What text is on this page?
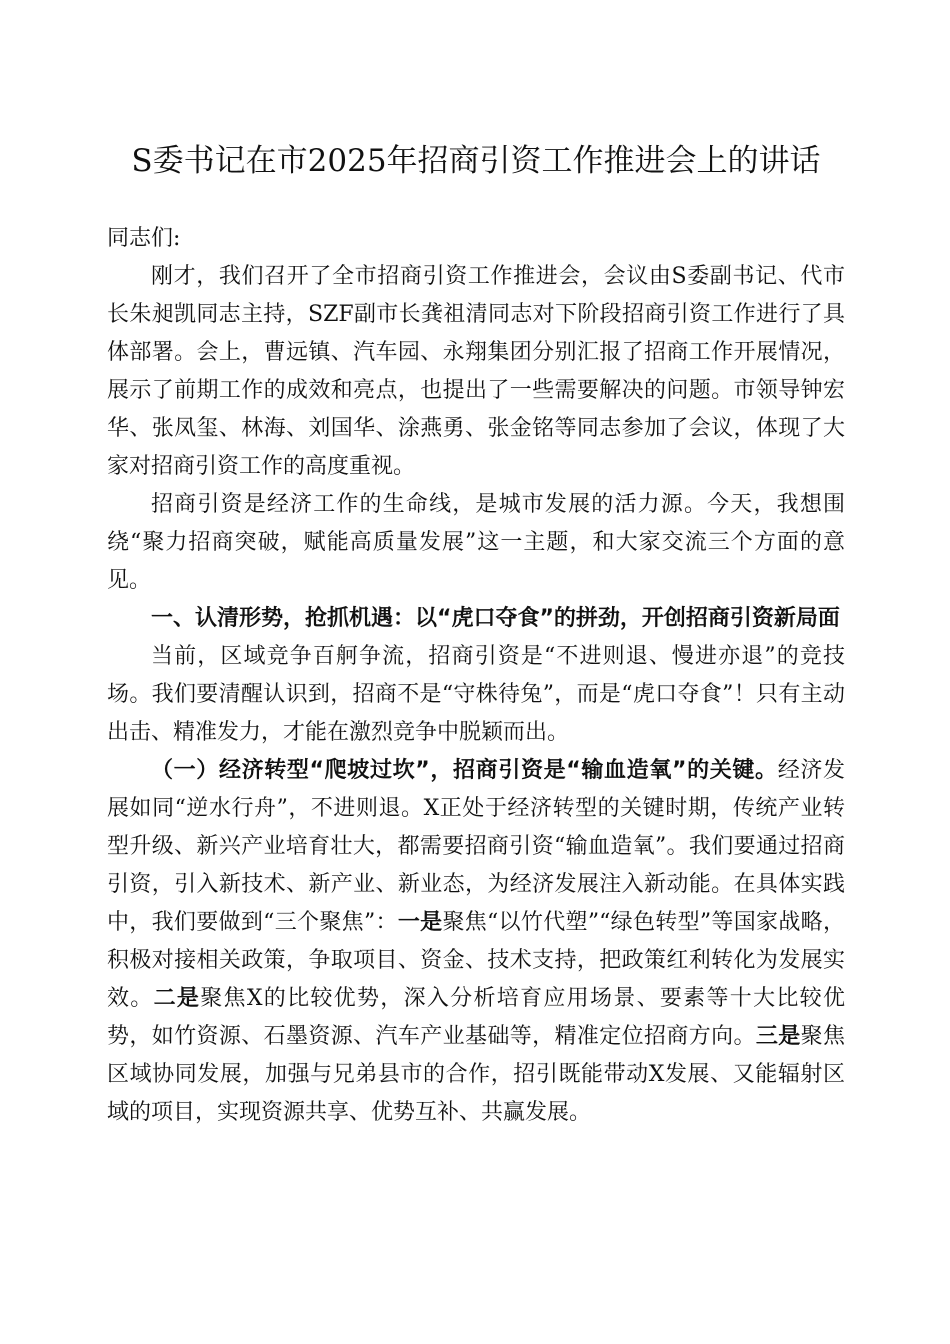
S委书记在市2025年招商引资工作推进会上的讲话

同志们:

刚才，我们召开了全市招商引资工作推进会，会议由S委副书记、代市长朱昶凯同志主持，SZF副市长龚祖清同志对下阶段招商引资工作进行了具体部署。会上，曹远镇、汽车园、永翔集团分别汇报了招商工作开展情况，展示了前期工作的成效和亮点，也提出了一些需要解决的问题。市领导钟宏华、张凤玺、林海、刘国华、涂燕勇、张金铭等同志参加了会议，体现了大家对招商引资工作的高度重视。

招商引资是经济工作的生命线，是城市发展的活力源。今天，我想围绕“聚力招商突破，赋能高质量发展”这一主题，和大家交流三个方面的意见。

一、认清形势，抢抓机遇：以“虎口夺食”的拼劲，开创招商引资新局面

当前，区域竞争百舸争流，招商引资是“不进则退、慢进亦退”的竞技场。我们要清醒认识到，招商不是“守株待兔”，而是“虎口夺食”！只有主动出击、精准发力，才能在激烈竞争中脱颖而出。

（一）经济转型“爬坡过坎”，招商引资是“输血造氧”的关键。经济发展如同“逆水行舟”，不进则退。X正处于经济转型的关键时期，传统产业转型升级、新兴产业培育壮大，都需要招商引资“输血造氧”。我们要通过招商引资，引入新技术、新产业、新业态，为经济发展注入新动能。在具体实践中，我们要做到“三个聚焦”：一是聚焦“以竹代塑”“绿色转型”等国家战略，积极对接相关政策，争取项目、资金、技术支持，把政策红利转化为发展实效。二是聚焦X的比较优势，深入分析培育应用场景、要素等十大比较优势，如竹资源、石墨资源、汽车产业基础等，精准定位招商方向。三是聚焦区域协同发展，加强与兄弟县市的合作，招引既能带动X发展、又能辐射区域的项目，实现资源共享、优势互补、共赢发展。
